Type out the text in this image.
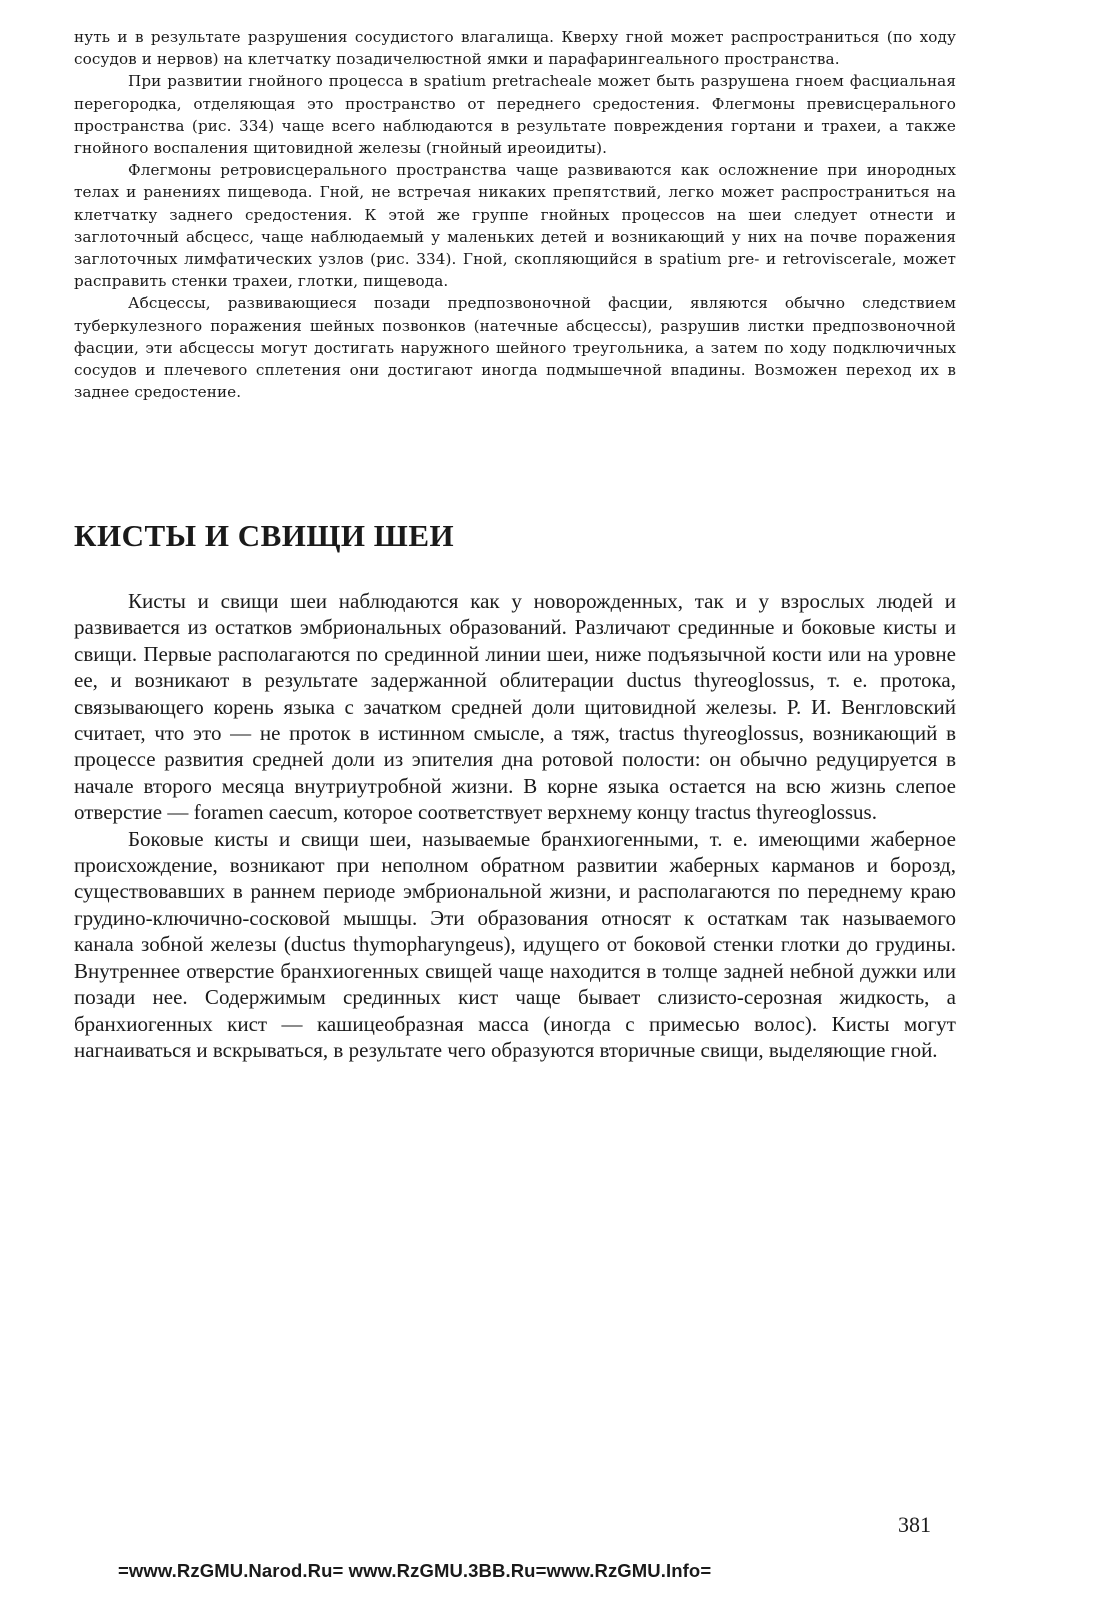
нуть и в результате разрушения сосудистого влагалища. Кверху гной может распространиться (по ходу сосудов и нервов) на клетчатку позадичелюстной ямки и парафарингеального пространства.

При развитии гнойного процесса в spatium pretracheale может быть разрушена гноем фасциальная перегородка, отделяющая это пространство от переднего средостения. Флегмоны превисцерального пространства (рис. 334) чаще всего наблюдаются в результате повреждения гортани и трахеи, а также гнойного воспаления щитовидной железы (гнойный иреоидиты).

Флегмоны ретровисцерального пространства чаще развиваются как осложнение при инородных телах и ранениях пищевода. Гной, не встречая никаких препятствий, легко может распространиться на клетчатку заднего средостения. К этой же группе гнойных процессов на шеи следует отнести и заглоточный абсцесс, чаще наблюдаемый у маленьких детей и возникающий у них на почве поражения заглоточных лимфатических узлов (рис. 334). Гной, скопляющийся в spatium pre- и retroviscerale, может расправить стенки трахеи, глотки, пищевода.

Абсцессы, развивающиеся позади предпозвоночной фасции, являются обычно следствием туберкулезного поражения шейных позвонков (натечные абсцессы), разрушив листки предпозвоночной фасции, эти абсцессы могут достигать наружного шейного треугольника, а затем по ходу подключичных сосудов и плечевого сплетения они достигают иногда подмышечной впадины. Возможен переход их в заднее средостение.

КИСТЫ И СВИЩИ ШЕИ

Кисты и свищи шеи наблюдаются как у новорожденных, так и у взрослых людей и развивается из остатков эмбриональных образований. Различают срединные и боковые кисты и свищи. Первые располагаются по срединной линии шеи, ниже подъязычной кости или на уровне ее, и возникают в результате задержанной облитерации ductus thyreoglossus, т. е. протока, связывающего корень языка с зачатком средней доли щитовидной железы. Р. И. Венгловский считает, что это — не проток в истинном смысле, а тяж, tractus thyreoglossus, возникающий в процессе развития средней доли из эпителия дна ротовой полости: он обычно редуцируется в начале второго месяца внутриутробной жизни. В корне языка остается на всю жизнь слепое отверстие — foramen caecum, которое соответствует верхнему концу tractus thyreoglossus.

Боковые кисты и свищи шеи, называемые бранхиогенными, т. е. имеющими жаберное происхождение, возникают при неполном обратном развитии жаберных карманов и борозд, существовавших в раннем периоде эмбриональной жизни, и располагаются по переднему краю грудино-ключично-сосковой мышцы. Эти образования относят к остаткам так называемого канала зобной железы (ductus thymopharyngeus), идущего от боковой стенки глотки до грудины. Внутреннее отверстие бранхиогенных свищей чаще находится в толще задней небной дужки или позади нее. Содержимым срединных кист чаще бывает слизисто-серозная жидкость, а бранхиогенных кист — кашицеобразная масса (иногда с примесью волос). Кисты могут нагнаиваться и вскрываться, в результате чего образуются вторичные свищи, выделяющие гной.

381

=www.RzGMU.Narod.Ru= www.RzGMU.3BB.Ru=www.RzGMU.Info=
